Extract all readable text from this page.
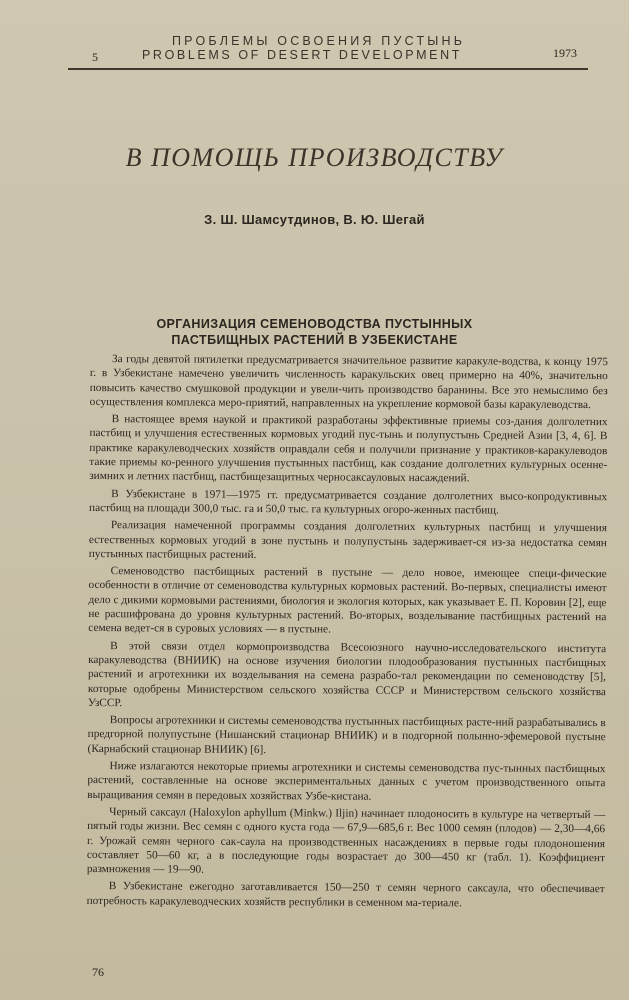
ПРОБЛЕМЫ ОСВОЕНИЯ ПУСТЫНЬ
5	PROBLEMS OF DESERT DEVELOPMENT	1973
В ПОМОЩЬ ПРОИЗВОДСТВУ
З. Ш. Шамсутдинов, В. Ю. Шегай
ОРГАНИЗАЦИЯ СЕМЕНОВОДСТВА ПУСТЫННЫХ
ПАСТБИЩНЫХ РАСТЕНИЙ В УЗБЕКИСТАНЕ

За годы девятой пятилетки предусматривается значительное развитие каракуле-водства, к концу 1975 г. в Узбекистане намечено увеличить численность каракульских овец примерно на 40%, значительно повысить качество смушковой продукции и увели-чить производство баранины. Все это немыслимо без осуществления комплекса меро-приятий, направленных на укрепление кормовой базы каракулеводства.

В настоящее время наукой и практикой разработаны эффективные приемы соз-дания долголетних пастбищ и улучшения естественных кормовых угодий пус-тынь и полупустынь Средней Азии [3, 4, 6]. В практике каракулеводческих хозяйств оправдали себя и получили признание у практиков-каракулеводов такие приемы ко-ренного улучшения пустынных пастбищ, как создание долголетних культурных осенне-зимних и летних пастбищ, пастбищезащитных черносаксауловых насаждений.

В Узбекистане в 1971—1975 гг. предусматривается создание долголетних высо-копродуктивных пастбищ на площади 300,0 тыс. га и 50,0 тыс. га культурных огоро-женных пастбищ.

Реализация намеченной программы создания долголетних культурных пастбищ и улучшения естественных кормовых угодий в зоне пустынь и полупустынь задерживает-ся из-за недостатка семян пустынных пастбищных растений.

Семеноводство пастбищных растений в пустыне — дело новое, имеющее специ-фические особенности в отличие от семеноводства культурных кормовых растений. Во-первых, специалисты имеют дело с дикими кормовыми растениями, биология и экология которых, как указывает Е. П. Коровин [2], еще не расшифрована до уровня культурных растений. Во-вторых, возделывание пастбищных растений на семена ведет-ся в суровых условиях — в пустыне.

В этой связи отдел кормопроизводства Всесоюзного научно-исследовательского института каракулеводства (ВНИИК) на основе изучения биологии плодообразования пустынных пастбищных растений и агротехники их возделывания на семена разрабо-тал рекомендации по семеноводству [5], которые одобрены Министерством сельского хозяйства СССР и Министерством сельского хозяйства УзССР.

Вопросы агротехники и системы семеноводства пустынных пастбищных расте-ний разрабатывались в предгорной полупустыне (Нишанский стационар ВНИИК) и в подгорной полынно-эфемеровой пустыне (Карнабский стационар ВНИИК) [6].

Ниже излагаются некоторые приемы агротехники и системы семеноводства пус-тынных пастбищных растений, составленные на основе экспериментальных данных с учетом производственного опыта выращивания семян в передовых хозяйствах Узбе-кистана.

Черный саксаул (Haloxylon aphyllum (Minkw.) Iljin) начинает плодоносить в культуре на четвертый — пятый годы жизни. Вес семян с одного куста года — 67,9—685,6 г. Вес 1000 семян (плодов) — 2,30—4,66 г. Урожай семян черного сак-саула на производственных насаждениях в первые годы плодоношения составляет 50—60 кг, а в последующие годы возрастает до 300—450 кг (табл. 1). Коэффициент размножения — 19—90.

В Узбекистане ежегодно заготавливается 150—250 т семян черного саксаула, что обеспечивает потребность каракулеводческих хозяйств республики в семенном ма-териале.

76
